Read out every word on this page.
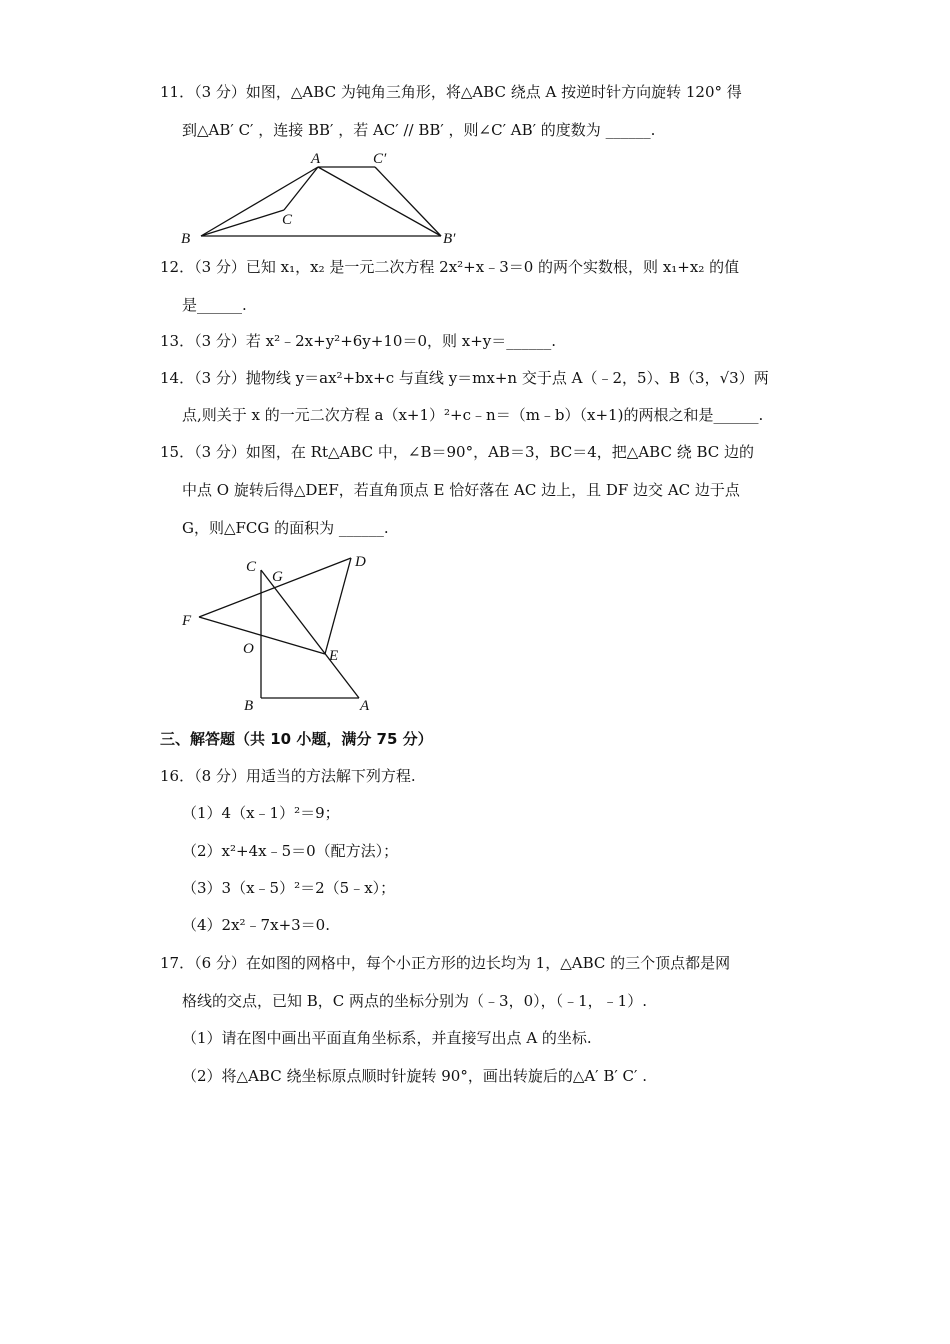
11．（3 分）如图，△ABC 为钝角三角形，将△ABC 绕点 A 按逆时针方向旋转 120° 得
到△AB′ C′ ，连接 BB′ ，若 AC′ // BB′ ，则∠C′ AB′ 的度数为 ______.
A	C′
C
B	B′
12．（3 分）已知 x₁，x₂ 是一元二次方程 2x²+x﹣3＝0 的两个实数根，则 x₁+x₂ 的值
是______.
13．（3 分）若 x²﹣2x+y²+6y+10＝0，则 x+y＝______.
14．（3 分）抛物线 y＝ax²+bx+c 与直线 y＝mx+n 交于点 A（﹣2，5）、B（3，√3）两
点,则关于 x 的一元二次方程 a（x+1）²+c﹣n＝（m﹣b）（x+1)的两根之和是______.
15．（3 分）如图，在 Rt△ABC 中，∠B＝90°，AB＝3，BC＝4，把△ABC 绕 BC 边的
中点 O 旋转后得△DEF，若直角顶点 E 恰好落在 AC 边上，且 DF 边交 AC 边于点
G，则△FCG 的面积为 ______.
C
G
D
F
O	E
B	A
三、解答题（共 10 小题，满分 75 分）
16．（8 分）用适当的方法解下列方程.
（1）4（x﹣1）²＝9；
（2）x²+4x﹣5＝0（配方法）；
（3）3（x﹣5）²＝2（5﹣x）；
（4）2x²﹣7x+3＝0.
17．（6 分）在如图的网格中，每个小正方形的边长均为 1，△ABC 的三个顶点都是网
格线的交点，已知 B，C 两点的坐标分别为（﹣3，0），（﹣1，﹣1）.
（1）请在图中画出平面直角坐标系，并直接写出点 A 的坐标.
（2）将△ABC 绕坐标原点顺时针旋转 90°，画出转旋后的△A′ B′ C′ .
